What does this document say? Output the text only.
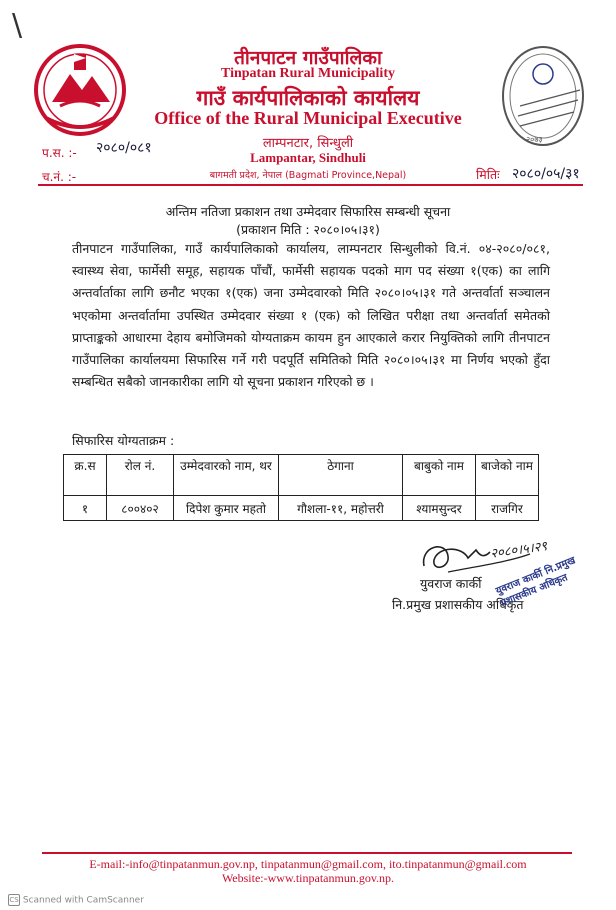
\
तीनपाटन गाउँपालिका
Tinpatan Rural Municipality
गाउँ कार्यपालिकाको कार्यालय
Office of the Rural Municipal Executive
लाम्पनटार, सिन्धुली
Lampantar, Sindhuli
बागमती प्रदेश, नेपाल (Bagmati Province,Nepal)
२०७३
प.स. :- २०८०/०८१
च.नं. :-	मितिः २०८०/०५/३१
अन्तिम नतिजा प्रकाशन तथा उम्मेदवार सिफारिस सम्बन्धी सूचना
(प्रकाशन मिति : २०८०।०५।३१)
तीनपाटन गाउँपालिका, गाउँ कार्यपालिकाको कार्यालय, लाम्पनटार सिन्धुलीको वि.नं. ०४-२०८०/०८१, स्वास्थ्य सेवा, फार्मेसी समूह, सहायक पाँचौं, फार्मेसी सहायक पदको माग पद संख्या १(एक) का लागि अन्तर्वार्ताका लागि छनौट भएका १(एक) जना उम्मेदवारको मिति २०८०।०५।३१ गते अन्तर्वार्ता सञ्चालन भएकोमा अन्तर्वार्तामा उपस्थित उम्मेदवार संख्या १ (एक) को लिखित परीक्षा तथा अन्तर्वार्ता समेतको प्राप्ताङ्कको आधारमा देहाय बमोजिमको योग्यताक्रम कायम हुन आएकाले करार नियुक्तिको लागि तीनपाटन गाउँपालिका कार्यालयमा सिफारिस गर्ने गरी पदपूर्ति समितिको मिति २०८०।०५।३१ मा निर्णय भएको हुँदा सम्बन्धित सबैको जानकारीका लागि यो सूचना प्रकाशन गरिएको छ ।
सिफारिस योग्यताक्रम :
क्र.स	रोल नं.	उम्मेदवारको नाम, थर	ठेगाना	बाबुको नाम	बाजेको नाम
१	८००४०२	दिपेश कुमार महतो	गौशला-११, महोत्तरी	श्यामसुन्दर	राजगिर
२०८०।५।२९
युवराज कार्की
नि.प्रमुख प्रशासकीय अधिकृत
युवराज कार्की नि.प्रमुख प्रशासकीय अधिकृत
E-mail:-info@tinpatanmun.gov.np, tinpatanmun@gmail.com, ito.tinpatanmun@gmail.com
Website:-www.tinpatanmun.gov.np.
CS Scanned with CamScanner
